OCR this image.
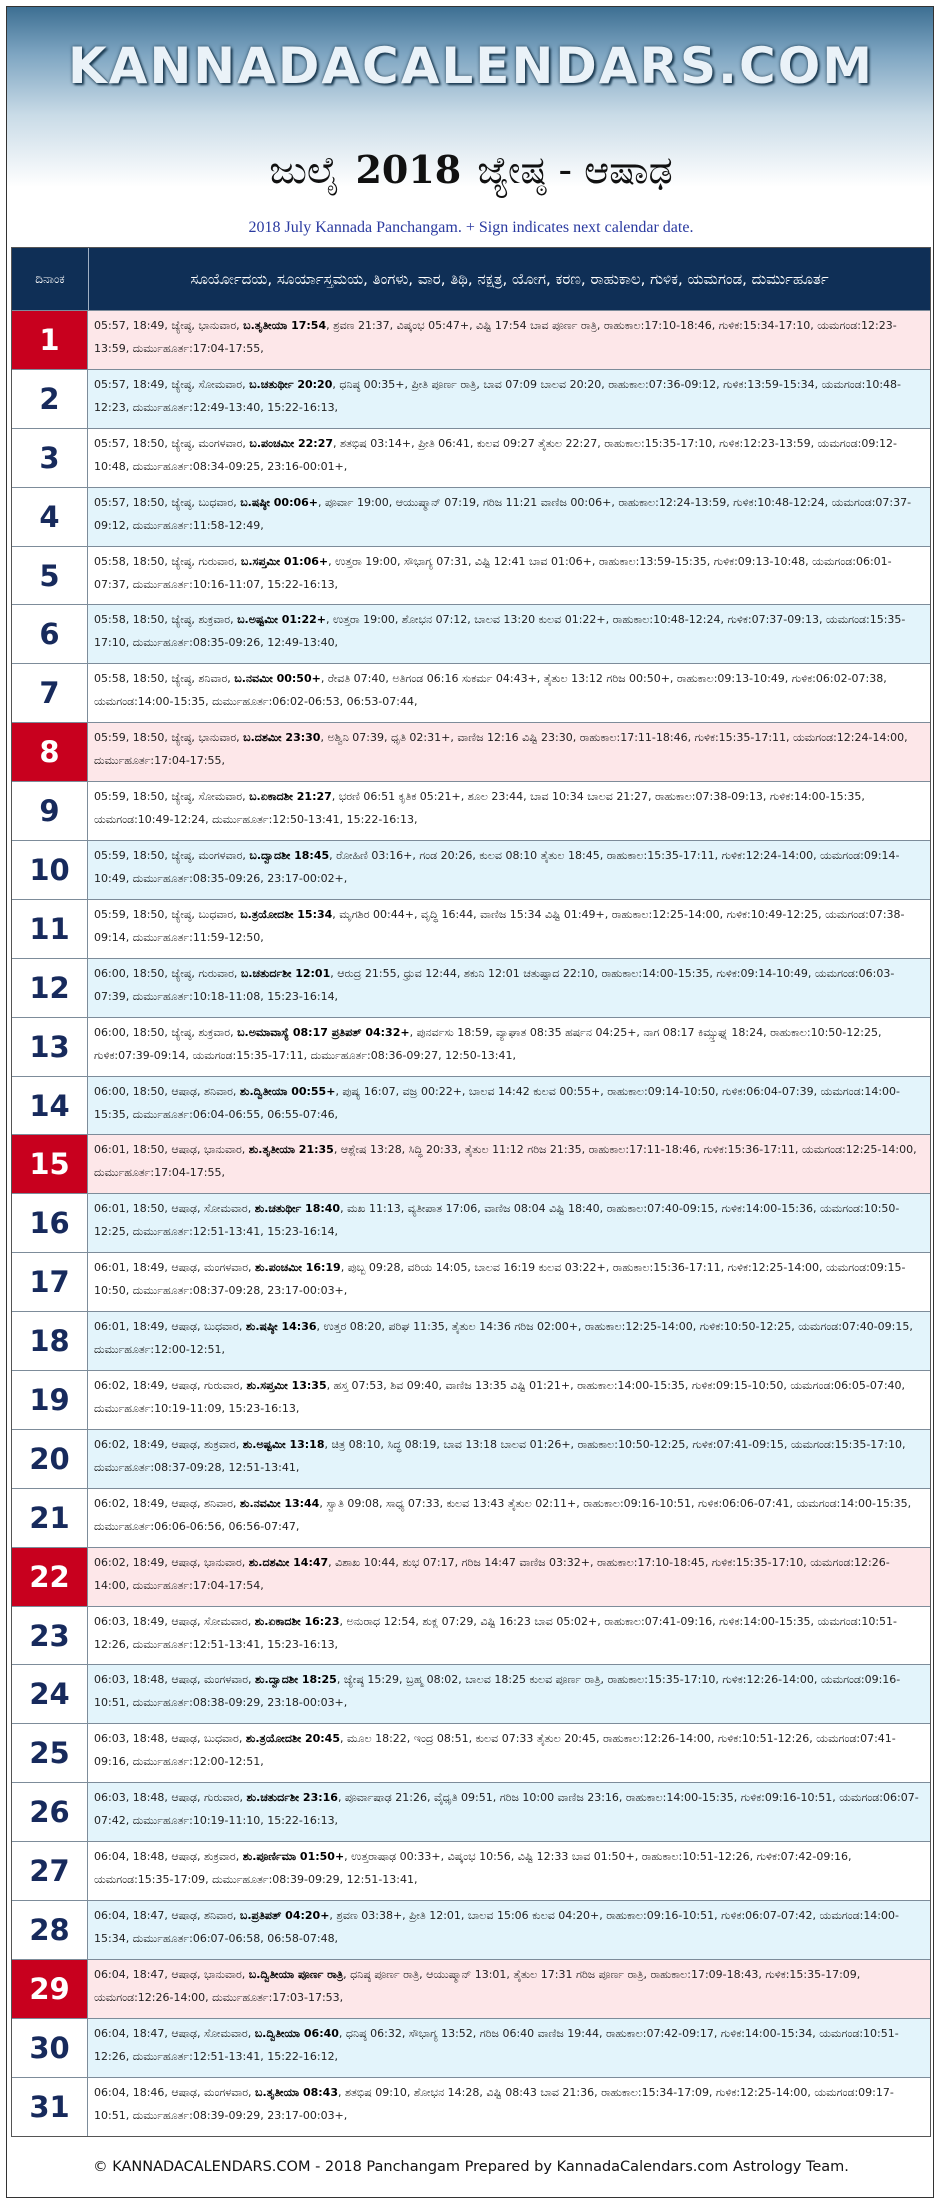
KANNADACALENDARS.COM
ಜುಲೈ 2018 ಜ್ಯೇಷ್ಠ - ಆಷಾಢ
2018 July Kannada Panchangam. + Sign indicates next calendar date.
ದಿನಾಂಕ	ಸೂರ್ಯೋದಯ, ಸೂರ್ಯಾಸ್ತಮಯ, ತಿಂಗಳು, ವಾರ, ತಿಥಿ, ನಕ್ಷತ್ರ, ಯೋಗ, ಕರಣ, ರಾಹುಕಾಲ, ಗುಳಿಕ, ಯಮಗಂಡ, ದುರ್ಮುಹೂರ್ತ
1	05:57, 18:49, ಜ್ಯೇಷ್ಠ, ಭಾನುವಾರ, ಬ.ತೃತೀಯಾ 17:54, ಶ್ರವಣ 21:37, ವಿಷ್ಕಂಭ 05:47+, ವಿಷ್ಟಿ 17:54 ಬಾವ ಪೂರ್ಣ ರಾತ್ರಿ, ರಾಹುಕಾಲ:17:10-18:46, ಗುಳಿಕ:15:34-17:10, ಯಮಗಂಡ:12:23-13:59, ದುರ್ಮುಹೂರ್ತ:17:04-17:55,
2	05:57, 18:49, ಜ್ಯೇಷ್ಠ, ಸೋಮವಾರ, ಬ.ಚತುರ್ಥೀ 20:20, ಧನಿಷ್ಠ 00:35+, ಪ್ರೀತಿ ಪೂರ್ಣ ರಾತ್ರಿ, ಬಾವ 07:09 ಬಾಲವ 20:20, ರಾಹುಕಾಲ:07:36-09:12, ಗುಳಿಕ:13:59-15:34, ಯಮಗಂಡ:10:48-12:23, ದುರ್ಮುಹೂರ್ತ:12:49-13:40, 15:22-16:13,
3	05:57, 18:50, ಜ್ಯೇಷ್ಠ, ಮಂಗಳವಾರ, ಬ.ಪಂಚಮೀ 22:27, ಶತಭಿಷ 03:14+, ಪ್ರೀತಿ 06:41, ಕುಲವ 09:27 ತೈತುಲ 22:27, ರಾಹುಕಾಲ:15:35-17:10, ಗುಳಿಕ:12:23-13:59, ಯಮಗಂಡ:09:12-10:48, ದುರ್ಮುಹೂರ್ತ:08:34-09:25, 23:16-00:01+,
4	05:57, 18:50, ಜ್ಯೇಷ್ಠ, ಬುಧವಾರ, ಬ.ಷಷ್ಠೀ 00:06+, ಪೂರ್ವಾ 19:00, ಆಯುಷ್ಮಾನ್ 07:19, ಗರಿಜ 11:21 ವಾಣಿಜ 00:06+, ರಾಹುಕಾಲ:12:24-13:59, ಗುಳಿಕ:10:48-12:24, ಯಮಗಂಡ:07:37-09:12, ದುರ್ಮುಹೂರ್ತ:11:58-12:49,
5	05:58, 18:50, ಜ್ಯೇಷ್ಠ, ಗುರುವಾರ, ಬ.ಸಪ್ತಮೀ 01:06+, ಉತ್ತರಾ 19:00, ಸೌಭಾಗ್ಯ 07:31, ವಿಷ್ಟಿ 12:41 ಬಾವ 01:06+, ರಾಹುಕಾಲ:13:59-15:35, ಗುಳಿಕ:09:13-10:48, ಯಮಗಂಡ:06:01-07:37, ದುರ್ಮುಹೂರ್ತ:10:16-11:07, 15:22-16:13,
6	05:58, 18:50, ಜ್ಯೇಷ್ಠ, ಶುಕ್ರವಾರ, ಬ.ಅಷ್ಟಮೀ 01:22+, ಉತ್ತರಾ 19:00, ಶೋಭನ 07:12, ಬಾಲವ 13:20 ಕುಲವ 01:22+, ರಾಹುಕಾಲ:10:48-12:24, ಗುಳಿಕ:07:37-09:13, ಯಮಗಂಡ:15:35-17:10, ದುರ್ಮುಹೂರ್ತ:08:35-09:26, 12:49-13:40,
7	05:58, 18:50, ಜ್ಯೇಷ್ಠ, ಶನಿವಾರ, ಬ.ನವಮೀ 00:50+, ರೇವತಿ 07:40, ಅತಿಗಂಡ 06:16 ಸುಕರ್ಮ 04:43+, ತೈತುಲ 13:12 ಗರಿಜ 00:50+, ರಾಹುಕಾಲ:09:13-10:49, ಗುಳಿಕ:06:02-07:38, ಯಮಗಂಡ:14:00-15:35, ದುರ್ಮುಹೂರ್ತ:06:02-06:53, 06:53-07:44,
8	05:59, 18:50, ಜ್ಯೇಷ್ಠ, ಭಾನುವಾರ, ಬ.ದಶಮೀ 23:30, ಅಶ್ವಿನಿ 07:39, ಧೃತಿ 02:31+, ವಾಣಿಜ 12:16 ವಿಷ್ಟಿ 23:30, ರಾಹುಕಾಲ:17:11-18:46, ಗುಳಿಕ:15:35-17:11, ಯಮಗಂಡ:12:24-14:00, ದುರ್ಮುಹೂರ್ತ:17:04-17:55,
9	05:59, 18:50, ಜ್ಯೇಷ್ಠ, ಸೋಮವಾರ, ಬ.ಏಕಾದಶೀ 21:27, ಭರಣಿ 06:51 ಕೃತಿಕ 05:21+, ಶೂಲ 23:44, ಬಾವ 10:34 ಬಾಲವ 21:27, ರಾಹುಕಾಲ:07:38-09:13, ಗುಳಿಕ:14:00-15:35, ಯಮಗಂಡ:10:49-12:24, ದುರ್ಮುಹೂರ್ತ:12:50-13:41, 15:22-16:13,
10	05:59, 18:50, ಜ್ಯೇಷ್ಠ, ಮಂಗಳವಾರ, ಬ.ದ್ವಾದಶೀ 18:45, ರೋಹಿಣಿ 03:16+, ಗಂಡ 20:26, ಕುಲವ 08:10 ತೈತುಲ 18:45, ರಾಹುಕಾಲ:15:35-17:11, ಗುಳಿಕ:12:24-14:00, ಯಮಗಂಡ:09:14-10:49, ದುರ್ಮುಹೂರ್ತ:08:35-09:26, 23:17-00:02+,
11	05:59, 18:50, ಜ್ಯೇಷ್ಠ, ಬುಧವಾರ, ಬ.ತ್ರಯೋದಶೀ 15:34, ಮೃಗಶಿರ 00:44+, ವೃದ್ಧಿ 16:44, ವಾಣಿಜ 15:34 ವಿಷ್ಟಿ 01:49+, ರಾಹುಕಾಲ:12:25-14:00, ಗುಳಿಕ:10:49-12:25, ಯಮಗಂಡ:07:38-09:14, ದುರ್ಮುಹೂರ್ತ:11:59-12:50,
12	06:00, 18:50, ಜ್ಯೇಷ್ಠ, ಗುರುವಾರ, ಬ.ಚತುರ್ದಶೀ 12:01, ಆರುದ್ರ 21:55, ಧ್ರುವ 12:44, ಶಕುನಿ 12:01 ಚತುಷ್ಪಾದ 22:10, ರಾಹುಕಾಲ:14:00-15:35, ಗುಳಿಕ:09:14-10:49, ಯಮಗಂಡ:06:03-07:39, ದುರ್ಮುಹೂರ್ತ:10:18-11:08, 15:23-16:14,
13	06:00, 18:50, ಜ್ಯೇಷ್ಠ, ಶುಕ್ರವಾರ, ಬ.ಅಮಾವಾಸ್ಯೆ 08:17 ಪ್ರತಿಪತ್ 04:32+, ಪುನರ್ವಸು 18:59, ವ್ಯಾಘಾತ 08:35 ಹರ್ಷನ 04:25+, ನಾಗ 08:17 ಕಿಮ್ಸ್ತುಘ್ನ 18:24, ರಾಹುಕಾಲ:10:50-12:25, ಗುಳಿಕ:07:39-09:14, ಯಮಗಂಡ:15:35-17:11, ದುರ್ಮುಹೂರ್ತ:08:36-09:27, 12:50-13:41,
14	06:00, 18:50, ಆಷಾಢ, ಶನಿವಾರ, ಶು.ದ್ವಿತೀಯಾ 00:55+, ಪುಷ್ಯ 16:07, ವಜ್ರ 00:22+, ಬಾಲವ 14:42 ಕುಲವ 00:55+, ರಾಹುಕಾಲ:09:14-10:50, ಗುಳಿಕ:06:04-07:39, ಯಮಗಂಡ:14:00-15:35, ದುರ್ಮುಹೂರ್ತ:06:04-06:55, 06:55-07:46,
15	06:01, 18:50, ಆಷಾಢ, ಭಾನುವಾರ, ಶು.ತೃತೀಯಾ 21:35, ಆಶ್ಲೇಷ 13:28, ಸಿದ್ಧಿ 20:33, ತೈತುಲ 11:12 ಗರಿಜ 21:35, ರಾಹುಕಾಲ:17:11-18:46, ಗುಳಿಕ:15:36-17:11, ಯಮಗಂಡ:12:25-14:00, ದುರ್ಮುಹೂರ್ತ:17:04-17:55,
16	06:01, 18:50, ಆಷಾಢ, ಸೋಮವಾರ, ಶು.ಚತುರ್ಥೀ 18:40, ಮಖ 11:13, ವ್ಯತೀಪಾತ 17:06, ವಾಣಿಜ 08:04 ವಿಷ್ಟಿ 18:40, ರಾಹುಕಾಲ:07:40-09:15, ಗುಳಿಕ:14:00-15:36, ಯಮಗಂಡ:10:50-12:25, ದುರ್ಮುಹೂರ್ತ:12:51-13:41, 15:23-16:14,
17	06:01, 18:49, ಆಷಾಢ, ಮಂಗಳವಾರ, ಶು.ಪಂಚಮೀ 16:19, ಪುಬ್ಬ 09:28, ವರಿಯ 14:05, ಬಾಲವ 16:19 ಕುಲವ 03:22+, ರಾಹುಕಾಲ:15:36-17:11, ಗುಳಿಕ:12:25-14:00, ಯಮಗಂಡ:09:15-10:50, ದುರ್ಮುಹೂರ್ತ:08:37-09:28, 23:17-00:03+,
18	06:01, 18:49, ಆಷಾಢ, ಬುಧವಾರ, ಶು.ಷಷ್ಠೀ 14:36, ಉತ್ತರ 08:20, ಪರಿಘ 11:35, ತೈತುಲ 14:36 ಗರಿಜ 02:00+, ರಾಹುಕಾಲ:12:25-14:00, ಗುಳಿಕ:10:50-12:25, ಯಮಗಂಡ:07:40-09:15, ದುರ್ಮುಹೂರ್ತ:12:00-12:51,
19	06:02, 18:49, ಆಷಾಢ, ಗುರುವಾರ, ಶು.ಸಪ್ತಮೀ 13:35, ಹಸ್ತ 07:53, ಶಿವ 09:40, ವಾಣಿಜ 13:35 ವಿಷ್ಟಿ 01:21+, ರಾಹುಕಾಲ:14:00-15:35, ಗುಳಿಕ:09:15-10:50, ಯಮಗಂಡ:06:05-07:40, ದುರ್ಮುಹೂರ್ತ:10:19-11:09, 15:23-16:13,
20	06:02, 18:49, ಆಷಾಢ, ಶುಕ್ರವಾರ, ಶು.ಅಷ್ಟಮೀ 13:18, ಚಿತ್ರ 08:10, ಸಿದ್ಧ 08:19, ಬಾವ 13:18 ಬಾಲವ 01:26+, ರಾಹುಕಾಲ:10:50-12:25, ಗುಳಿಕ:07:41-09:15, ಯಮಗಂಡ:15:35-17:10, ದುರ್ಮುಹೂರ್ತ:08:37-09:28, 12:51-13:41,
21	06:02, 18:49, ಆಷಾಢ, ಶನಿವಾರ, ಶು.ನವಮೀ 13:44, ಸ್ವಾತಿ 09:08, ಸಾಧ್ಯ 07:33, ಕುಲವ 13:43 ತೈತುಲ 02:11+, ರಾಹುಕಾಲ:09:16-10:51, ಗುಳಿಕ:06:06-07:41, ಯಮಗಂಡ:14:00-15:35, ದುರ್ಮುಹೂರ್ತ:06:06-06:56, 06:56-07:47,
22	06:02, 18:49, ಆಷಾಢ, ಭಾನುವಾರ, ಶು.ದಶಮೀ 14:47, ವಿಶಾಖ 10:44, ಶುಭ 07:17, ಗರಿಜ 14:47 ವಾಣಿಜ 03:32+, ರಾಹುಕಾಲ:17:10-18:45, ಗುಳಿಕ:15:35-17:10, ಯಮಗಂಡ:12:26-14:00, ದುರ್ಮುಹೂರ್ತ:17:04-17:54,
23	06:03, 18:49, ಆಷಾಢ, ಸೋಮವಾರ, ಶು.ಏಕಾದಶೀ 16:23, ಅನುರಾಧ 12:54, ಶುಕ್ಲ 07:29, ವಿಷ್ಟಿ 16:23 ಬಾವ 05:02+, ರಾಹುಕಾಲ:07:41-09:16, ಗುಳಿಕ:14:00-15:35, ಯಮಗಂಡ:10:51-12:26, ದುರ್ಮುಹೂರ್ತ:12:51-13:41, 15:23-16:13,
24	06:03, 18:48, ಆಷಾಢ, ಮಂಗಳವಾರ, ಶು.ದ್ವಾದಶೀ 18:25, ಜ್ಯೇಷ್ಠ 15:29, ಬ್ರಹ್ಮ 08:02, ಬಾಲವ 18:25 ಕುಲವ ಪೂರ್ಣ ರಾತ್ರಿ, ರಾಹುಕಾಲ:15:35-17:10, ಗುಳಿಕ:12:26-14:00, ಯಮಗಂಡ:09:16-10:51, ದುರ್ಮುಹೂರ್ತ:08:38-09:29, 23:18-00:03+,
25	06:03, 18:48, ಆಷಾಢ, ಬುಧವಾರ, ಶು.ತ್ರಯೋದಶೀ 20:45, ಮೂಲ 18:22, ಇಂದ್ರ 08:51, ಕುಲವ 07:33 ತೈತುಲ 20:45, ರಾಹುಕಾಲ:12:26-14:00, ಗುಳಿಕ:10:51-12:26, ಯಮಗಂಡ:07:41-09:16, ದುರ್ಮುಹೂರ್ತ:12:00-12:51,
26	06:03, 18:48, ಆಷಾಢ, ಗುರುವಾರ, ಶು.ಚತುರ್ದಶೀ 23:16, ಪೂರ್ವಾಷಾಢ 21:26, ವೈಧೃತಿ 09:51, ಗರಿಜ 10:00 ವಾಣಿಜ 23:16, ರಾಹುಕಾಲ:14:00-15:35, ಗುಳಿಕ:09:16-10:51, ಯಮಗಂಡ:06:07-07:42, ದುರ್ಮುಹೂರ್ತ:10:19-11:10, 15:22-16:13,
27	06:04, 18:48, ಆಷಾಢ, ಶುಕ್ರವಾರ, ಶು.ಪೂರ್ಣಿಮಾ 01:50+, ಉತ್ತರಾಷಾಢ 00:33+, ವಿಷ್ಕಂಭ 10:56, ವಿಷ್ಟಿ 12:33 ಬಾವ 01:50+, ರಾಹುಕಾಲ:10:51-12:26, ಗುಳಿಕ:07:42-09:16, ಯಮಗಂಡ:15:35-17:09, ದುರ್ಮುಹೂರ್ತ:08:39-09:29, 12:51-13:41,
28	06:04, 18:47, ಆಷಾಢ, ಶನಿವಾರ, ಬ.ಪ್ರತಿಪತ್ 04:20+, ಶ್ರವಣ 03:38+, ಪ್ರೀತಿ 12:01, ಬಾಲವ 15:06 ಕುಲವ 04:20+, ರಾಹುಕಾಲ:09:16-10:51, ಗುಳಿಕ:06:07-07:42, ಯಮಗಂಡ:14:00-15:34, ದುರ್ಮುಹೂರ್ತ:06:07-06:58, 06:58-07:48,
29	06:04, 18:47, ಆಷಾಢ, ಭಾನುವಾರ, ಬ.ದ್ವಿತೀಯಾ ಪೂರ್ಣ ರಾತ್ರಿ, ಧನಿಷ್ಠ ಪೂರ್ಣ ರಾತ್ರಿ, ಆಯುಷ್ಮಾನ್ 13:01, ತೈತುಲ 17:31 ಗರಿಜ ಪೂರ್ಣ ರಾತ್ರಿ, ರಾಹುಕಾಲ:17:09-18:43, ಗುಳಿಕ:15:35-17:09, ಯಮಗಂಡ:12:26-14:00, ದುರ್ಮುಹೂರ್ತ:17:03-17:53,
30	06:04, 18:47, ಆಷಾಢ, ಸೋಮವಾರ, ಬ.ದ್ವಿತೀಯಾ 06:40, ಧನಿಷ್ಠ 06:32, ಸೌಭಾಗ್ಯ 13:52, ಗರಿಜ 06:40 ವಾಣಿಜ 19:44, ರಾಹುಕಾಲ:07:42-09:17, ಗುಳಿಕ:14:00-15:34, ಯಮಗಂಡ:10:51-12:26, ದುರ್ಮುಹೂರ್ತ:12:51-13:41, 15:22-16:12,
31	06:04, 18:46, ಆಷಾಢ, ಮಂಗಳವಾರ, ಬ.ತೃತೀಯಾ 08:43, ಶತಭಿಷ 09:10, ಶೋಭನ 14:28, ವಿಷ್ಟಿ 08:43 ಬಾವ 21:36, ರಾಹುಕಾಲ:15:34-17:09, ಗುಳಿಕ:12:25-14:00, ಯಮಗಂಡ:09:17-10:51, ದುರ್ಮುಹೂರ್ತ:08:39-09:29, 23:17-00:03+,
© KANNADACALENDARS.COM - 2018 Panchangam Prepared by KannadaCalendars.com Astrology Team.
